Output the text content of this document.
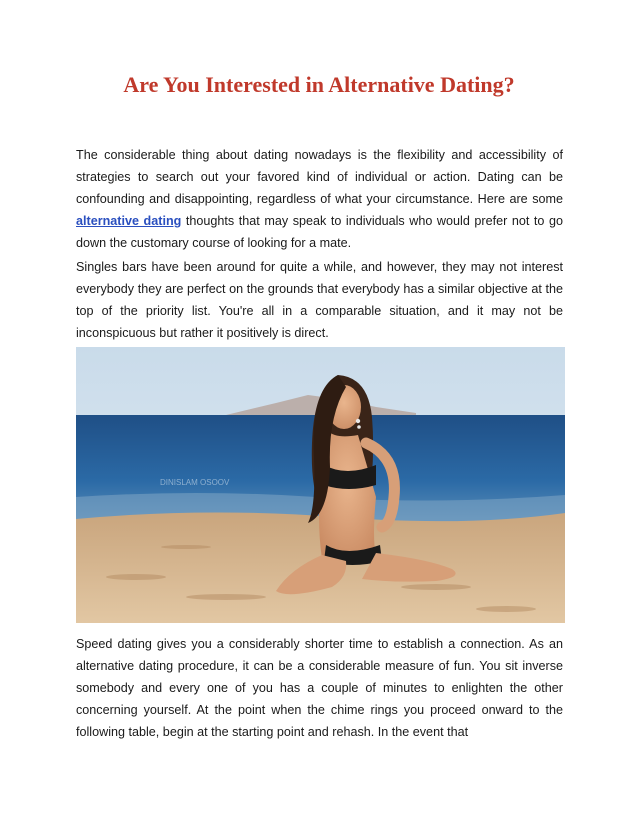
Are You Interested in Alternative Dating?

The considerable thing about dating nowadays is the flexibility and accessibility of strategies to search out your favored kind of individual or action. Dating can be confounding and disappointing, regardless of what your circumstance. Here are some alternative dating thoughts that may speak to individuals who would prefer not to go down the customary course of looking for a mate.

Singles bars have been around for quite a while, and however, they may not interest everybody they are perfect on the grounds that everybody has a similar objective at the top of the priority list. You're all in a comparable situation, and it may not be inconspicuous but rather it positively is direct.

DINISLAM OSOOV

Speed dating gives you a considerably shorter time to establish a connection. As an alternative dating procedure, it can be a considerable measure of fun. You sit inverse somebody and every one of you has a couple of minutes to enlighten the other concerning yourself. At the point when the chime rings you proceed onward to the following table, begin at the starting point and rehash. In the event that
